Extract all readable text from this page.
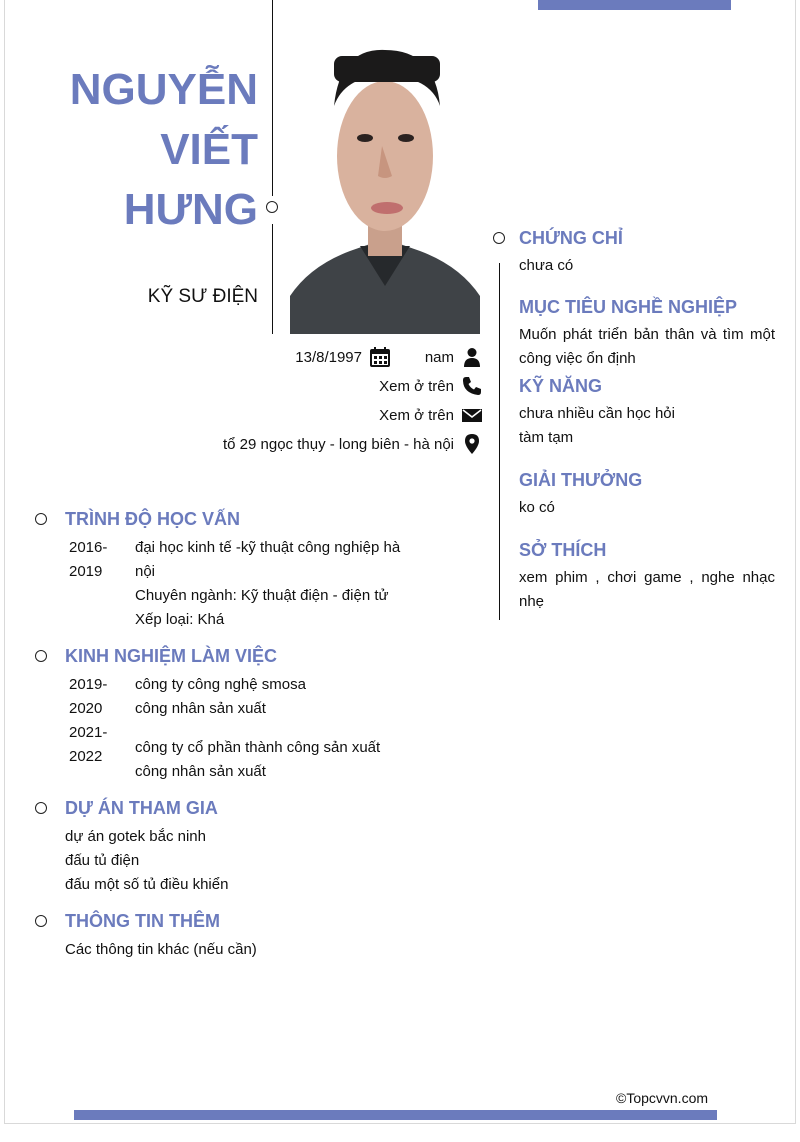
NGUYỄN
VIẾT
HƯNG
KỸ SƯ ĐIỆN
13/8/1997	nam
Xem ở trên
Xem ở trên
tổ 29 ngọc thụy - long biên - hà nội
TRÌNH ĐỘ HỌC VẤN
2016-
2019
đại học kinh tế -kỹ thuật công nghiệp hà
nội
Chuyên ngành: Kỹ thuật điện - điện tử
Xếp loại: Khá
KINH NGHIỆM LÀM VIỆC
2019-
2020
công ty công nghệ smosa
công nhân sản xuất
2021-
2022
công ty cổ phần thành công sản xuất
công nhân sản xuất
DỰ ÁN THAM GIA
dự án gotek bắc ninh
đấu tủ điện
đấu một số tủ điều khiển
THÔNG TIN THÊM
Các thông tin khác (nếu cần)
CHỨNG CHỈ
chưa có
MỤC TIÊU NGHỀ NGHIỆP
Muốn phát triển bản thân và tìm một công việc ổn định
KỸ NĂNG
chưa nhiều cần học hỏi
tàm tạm
GIẢI THƯỞNG
ko có
SỞ THÍCH
xem phim , chơi game , nghe nhạc nhẹ
©Topcvvn.com
